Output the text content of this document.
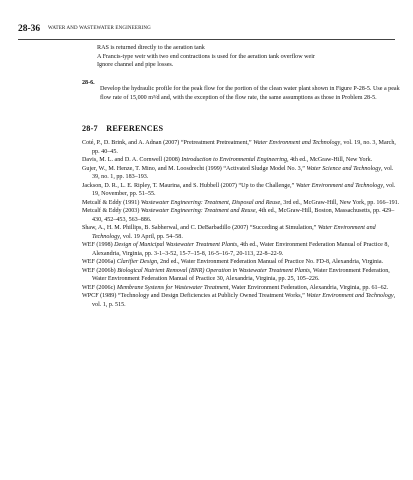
28-36 WATER AND WASTEWATER ENGINEERING

RAS is returned directly to the aeration tank

A Francis-type weir with two end contractions is used for the aeration tank overflow weir

Ignore channel and pipe losses.

28-6.

Develop the hydraulic profile for the peak flow for the portion of the clean water plant shown in Figure P-28-5. Use a peak flow rate of 15,000 m³/d and, with the exception of the flow rate, the same assumptions as those in Problem 28-5.

28-7 REFERENCES

Coté, P., D. Brink, and A. Adnan (2007) “Pretreatment Pretreatment,” Water Environment and Technology, vol. 19, no. 3, March, pp. 40–45.

Davis, M. L. and D. A. Cornwell (2008) Introduction to Environmental Engineering, 4th ed., McGraw-Hill, New York.

Gujer, W., M. Henze, T. Mino, and M. Loosdrecht (1999) “Activated Sludge Model No. 3,” Water Science and Technology, vol. 39, no. 1, pp. 183–193.

Jackson, D. R., L. E. Ripley, T. Maurina, and S. Hubbell (2007) “Up to the Challenge,” Water Environment and Technology, vol. 19, November, pp. 51–55.

Metcalf & Eddy (1991) Wastewater Engineering: Treatment, Disposal and Reuse, 3rd ed., McGraw-Hill, New York, pp. 166–191.

Metcalf & Eddy (2003) Wastewater Engineering: Treatment and Reuse, 4th ed., McGraw-Hill, Boston, Massachusetts, pp. 429–430, 452–453, 563–886.

Shaw, A., H. M. Phillips, B. Sabherwal, and C. DeBarbadillo (2007) “Succeding at Simulation,” Water Environment and Technology, vol. 19 April, pp. 54–58.

WEF (1998) Design of Municipal Wastewater Treatment Plants, 4th ed., Water Environment Federation Manual of Practice 8, Alexandria, Virginia, pp. 3-1–3-52, 15-7–15-8, 16-5–16-7, 20-113, 22-8–22-9.

WEF (2006a) Clarifier Design, 2nd ed., Water Environment Federation Manual of Practice No. FD-8, Alexandria, Virginia.

WEF (2006b) Biological Nutrient Removal (BNR) Operation in Wastewater Treatment Plants, Water Environment Federation, Water Environment Federation Manual of Practice 30, Alexandria, Virginia, pp. 25, 105–226.

WEF (2006c) Membrane Systems for Wastewater Treatment, Water Environment Federation, Alexandria, Virginia, pp. 61–62.

WPCF (1989) “Technology and Design Deficiencies at Publicly Owned Treatment Works,” Water Environment and Technology, vol. 1, p. 515.
